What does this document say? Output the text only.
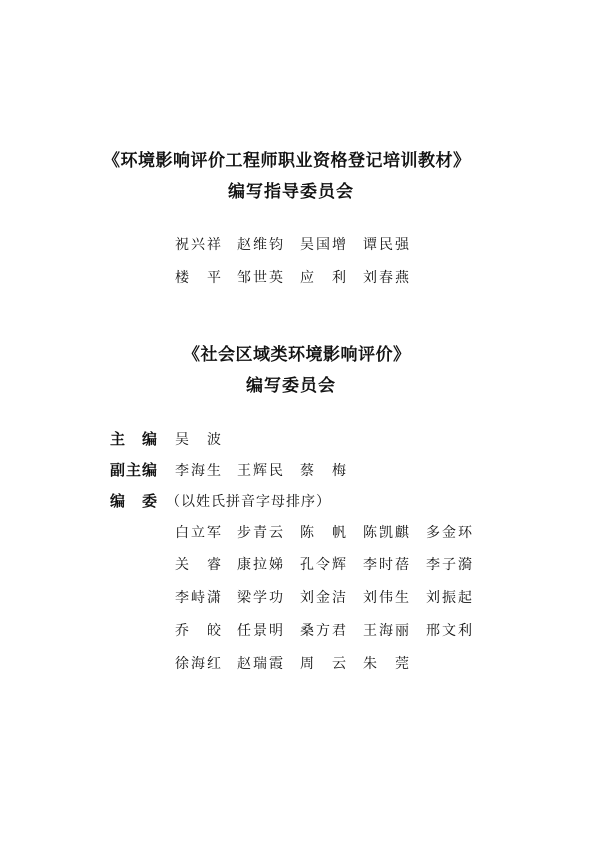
《环境影响评价工程师职业资格登记培训教材》
编写指导委员会
祝兴祥 赵维钧 吴国增 谭民强
楼　平 邹世英 应　利 刘春燕
《社会区域类环境影响评价》
编写委员会
主　编 吴　波
副主编 李海生 王辉民 蔡　梅
编　委 （以姓氏拼音字母排序）
白立军 步青云 陈　帆 陈凯麒 多金环
关　睿 康拉娣 孔令辉 李时蓓 李子漪
李峙潇 梁学功 刘金洁 刘伟生 刘振起
乔　皎 任景明 桑方君 王海丽 邢文利
徐海红 赵瑞霞 周　云 朱　莞
